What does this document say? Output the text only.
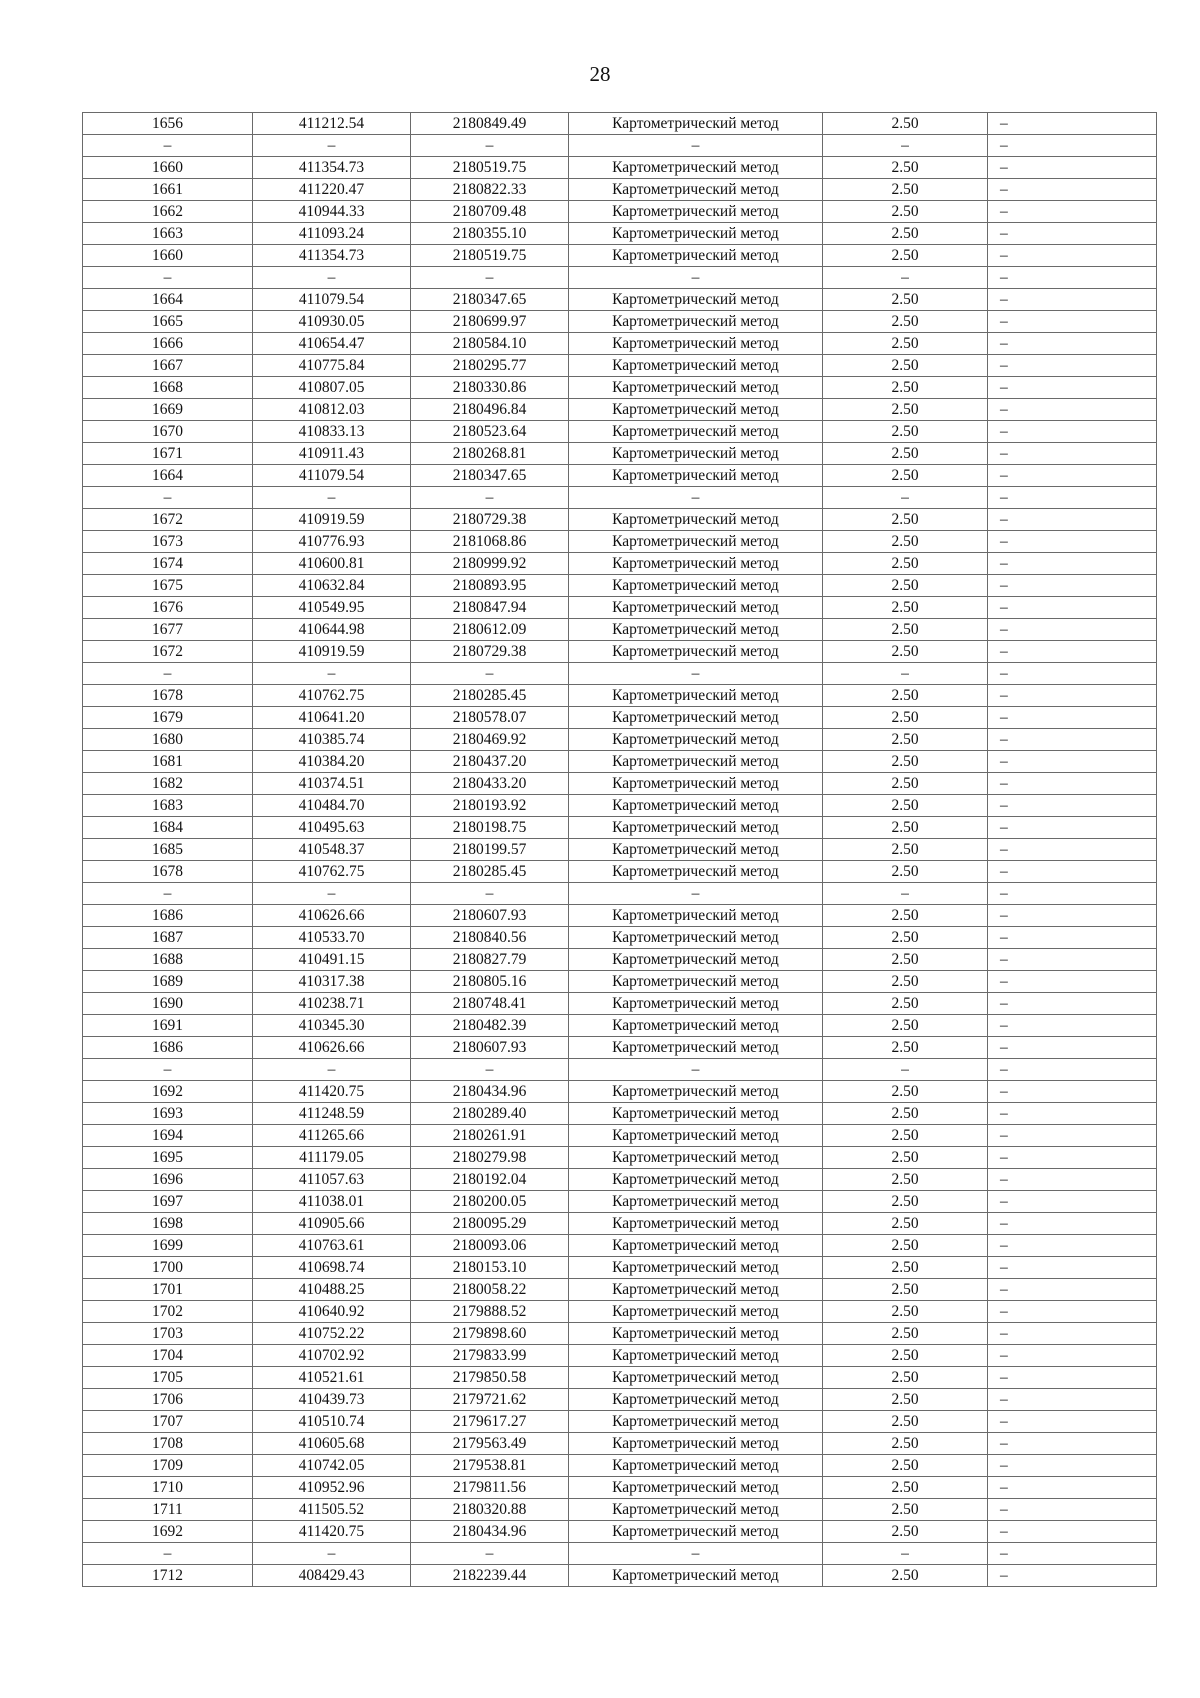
28
1656	411212.54	2180849.49	Картометрический метод	2.50	–
–	–	–	–	–	–
1660	411354.73	2180519.75	Картометрический метод	2.50	–
1661	411220.47	2180822.33	Картометрический метод	2.50	–
1662	410944.33	2180709.48	Картометрический метод	2.50	–
1663	411093.24	2180355.10	Картометрический метод	2.50	–
1660	411354.73	2180519.75	Картометрический метод	2.50	–
–	–	–	–	–	–
1664	411079.54	2180347.65	Картометрический метод	2.50	–
1665	410930.05	2180699.97	Картометрический метод	2.50	–
1666	410654.47	2180584.10	Картометрический метод	2.50	–
1667	410775.84	2180295.77	Картометрический метод	2.50	–
1668	410807.05	2180330.86	Картометрический метод	2.50	–
1669	410812.03	2180496.84	Картометрический метод	2.50	–
1670	410833.13	2180523.64	Картометрический метод	2.50	–
1671	410911.43	2180268.81	Картометрический метод	2.50	–
1664	411079.54	2180347.65	Картометрический метод	2.50	–
–	–	–	–	–	–
1672	410919.59	2180729.38	Картометрический метод	2.50	–
1673	410776.93	2181068.86	Картометрический метод	2.50	–
1674	410600.81	2180999.92	Картометрический метод	2.50	–
1675	410632.84	2180893.95	Картометрический метод	2.50	–
1676	410549.95	2180847.94	Картометрический метод	2.50	–
1677	410644.98	2180612.09	Картометрический метод	2.50	–
1672	410919.59	2180729.38	Картометрический метод	2.50	–
–	–	–	–	–	–
1678	410762.75	2180285.45	Картометрический метод	2.50	–
1679	410641.20	2180578.07	Картометрический метод	2.50	–
1680	410385.74	2180469.92	Картометрический метод	2.50	–
1681	410384.20	2180437.20	Картометрический метод	2.50	–
1682	410374.51	2180433.20	Картометрический метод	2.50	–
1683	410484.70	2180193.92	Картометрический метод	2.50	–
1684	410495.63	2180198.75	Картометрический метод	2.50	–
1685	410548.37	2180199.57	Картометрический метод	2.50	–
1678	410762.75	2180285.45	Картометрический метод	2.50	–
–	–	–	–	–	–
1686	410626.66	2180607.93	Картометрический метод	2.50	–
1687	410533.70	2180840.56	Картометрический метод	2.50	–
1688	410491.15	2180827.79	Картометрический метод	2.50	–
1689	410317.38	2180805.16	Картометрический метод	2.50	–
1690	410238.71	2180748.41	Картометрический метод	2.50	–
1691	410345.30	2180482.39	Картометрический метод	2.50	–
1686	410626.66	2180607.93	Картометрический метод	2.50	–
–	–	–	–	–	–
1692	411420.75	2180434.96	Картометрический метод	2.50	–
1693	411248.59	2180289.40	Картометрический метод	2.50	–
1694	411265.66	2180261.91	Картометрический метод	2.50	–
1695	411179.05	2180279.98	Картометрический метод	2.50	–
1696	411057.63	2180192.04	Картометрический метод	2.50	–
1697	411038.01	2180200.05	Картометрический метод	2.50	–
1698	410905.66	2180095.29	Картометрический метод	2.50	–
1699	410763.61	2180093.06	Картометрический метод	2.50	–
1700	410698.74	2180153.10	Картометрический метод	2.50	–
1701	410488.25	2180058.22	Картометрический метод	2.50	–
1702	410640.92	2179888.52	Картометрический метод	2.50	–
1703	410752.22	2179898.60	Картометрический метод	2.50	–
1704	410702.92	2179833.99	Картометрический метод	2.50	–
1705	410521.61	2179850.58	Картометрический метод	2.50	–
1706	410439.73	2179721.62	Картометрический метод	2.50	–
1707	410510.74	2179617.27	Картометрический метод	2.50	–
1708	410605.68	2179563.49	Картометрический метод	2.50	–
1709	410742.05	2179538.81	Картометрический метод	2.50	–
1710	410952.96	2179811.56	Картометрический метод	2.50	–
1711	411505.52	2180320.88	Картометрический метод	2.50	–
1692	411420.75	2180434.96	Картометрический метод	2.50	–
–	–	–	–	–	–
1712	408429.43	2182239.44	Картометрический метод	2.50	–
